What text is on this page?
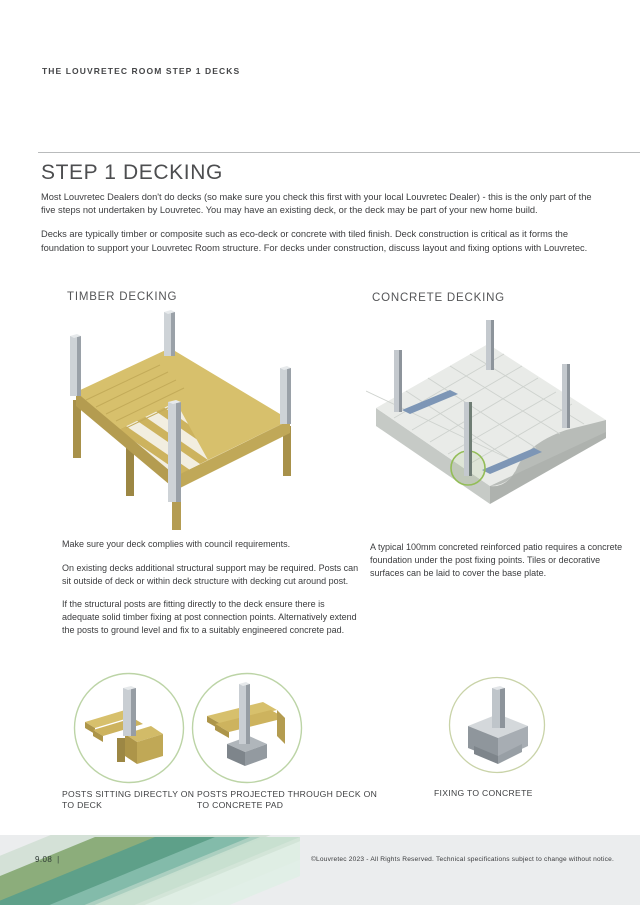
THE LOUVRETEC ROOM STEP 1 DECKS
STEP 1 DECKING

Most Louvretec Dealers don't do decks (so make sure you check this first with your local Louvretec Dealer) - this is the only part of the five steps not undertaken by Louvretec. You may have an existing deck, or the deck may be part of your new home build.

Decks are typically timber or composite such as eco-deck or concrete with tiled finish. Deck construction is critical as it forms the foundation to support your Louvretec Room structure. For decks under construction, discuss layout and fixing options with Louvretec.

TIMBER DECKING	CONCRETE DECKING

Make sure your deck complies with council requirements.

On existing decks additional structural support may be required. Posts can sit outside of deck or within deck structure with decking cut around post.

If the structural posts are fitting directly to the deck ensure there is adequate solid timber fixing at post connection points. Alternatively extend the posts to ground level and fix to a suitably engineered concrete pad.

A typical 100mm concreted reinforced patio requires a concrete foundation under the post fixing points. Tiles or decorative surfaces can be laid to cover the base plate.

POSTS SITTING DIRECTLY ON TO DECK
POSTS PROJECTED THROUGH DECK ON TO CONCRETE PAD
FIXING TO CONCRETE
9.08 |	©Louvretec 2023 - All Rights Reserved. Technical specifications subject to change without notice.
